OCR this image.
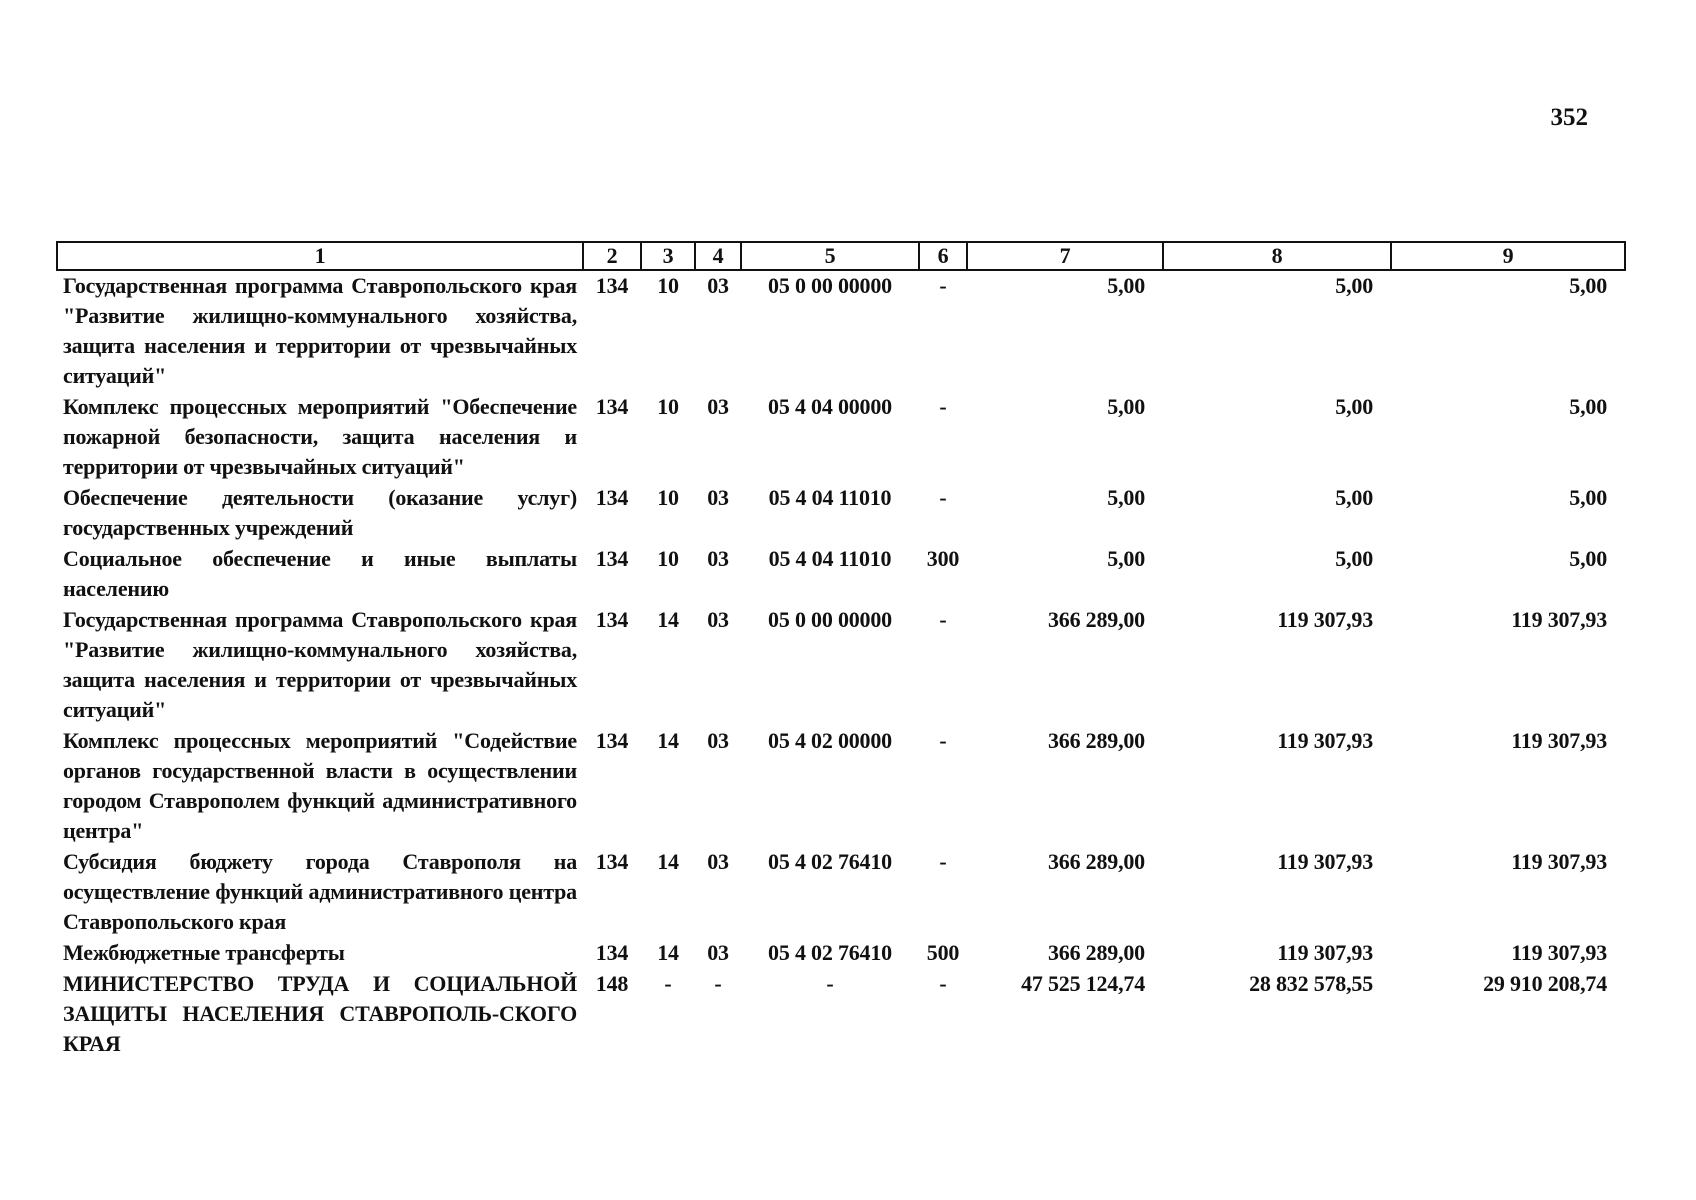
352
1	2	3	4	5	6	7	8	9
Государственная программа Ставропольского края "Развитие жилищно-коммунального хозяйства, защита населения и территории от чрезвычайных ситуаций"	134	10	03	05 0 00 00000	-	5,00	5,00	5,00
Комплекс процессных мероприятий "Обеспечение пожарной безопасности, защита населения и территории от чрезвычайных ситуаций"	134	10	03	05 4 04 00000	-	5,00	5,00	5,00
Обеспечение деятельности (оказание услуг) государственных учреждений	134	10	03	05 4 04 11010	-	5,00	5,00	5,00
Социальное обеспечение и иные выплаты населению	134	10	03	05 4 04 11010	300	5,00	5,00	5,00
Государственная программа Ставропольского края "Развитие жилищно-коммунального хозяйства, защита населения и территории от чрезвычайных ситуаций"	134	14	03	05 0 00 00000	-	366 289,00	119 307,93	119 307,93
Комплекс процессных мероприятий "Содействие органов государственной власти в осуществлении городом Ставрополем функций административного центра"	134	14	03	05 4 02 00000	-	366 289,00	119 307,93	119 307,93
Субсидия бюджету города Ставрополя на осуществление функций административного центра Ставропольского края	134	14	03	05 4 02 76410	-	366 289,00	119 307,93	119 307,93
Межбюджетные трансферты	134	14	03	05 4 02 76410	500	366 289,00	119 307,93	119 307,93
МИНИСТЕРСТВО ТРУДА И СОЦИАЛЬНОЙ ЗАЩИТЫ НАСЕЛЕНИЯ СТАВРОПОЛЬ-СКОГО КРАЯ	148	-	-	-	-	47 525 124,74	28 832 578,55	29 910 208,74
